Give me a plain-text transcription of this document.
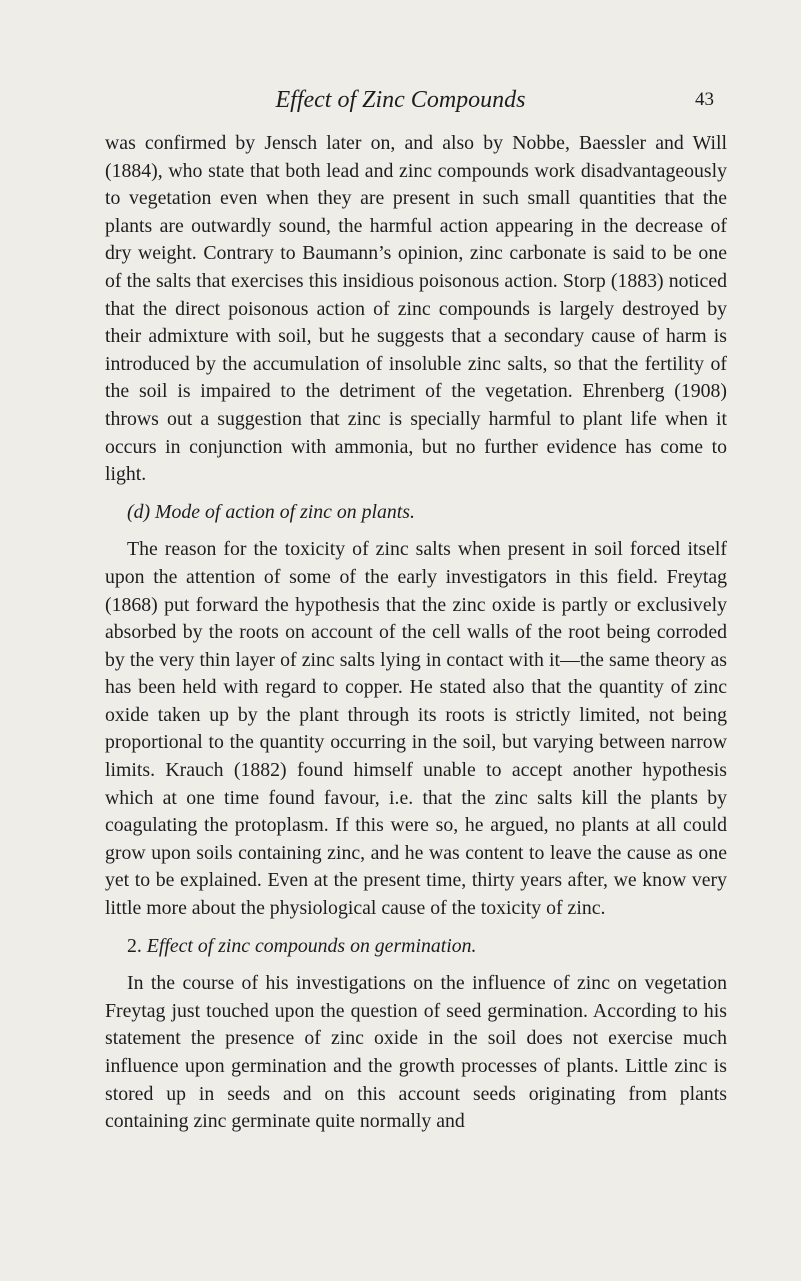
Effect of Zinc Compounds	43

was confirmed by Jensch later on, and also by Nobbe, Baessler and Will (1884), who state that both lead and zinc compounds work disadvantageously to vegetation even when they are present in such small quantities that the plants are outwardly sound, the harmful action appearing in the decrease of dry weight. Contrary to Baumann’s opinion, zinc carbonate is said to be one of the salts that exercises this insidious poisonous action. Storp (1883) noticed that the direct poisonous action of zinc compounds is largely destroyed by their admixture with soil, but he suggests that a secondary cause of harm is introduced by the accumulation of insoluble zinc salts, so that the fertility of the soil is impaired to the detriment of the vegetation. Ehrenberg (1908) throws out a suggestion that zinc is specially harmful to plant life when it occurs in conjunction with ammonia, but no further evidence has come to light.

(d) Mode of action of zinc on plants.

The reason for the toxicity of zinc salts when present in soil forced itself upon the attention of some of the early investigators in this field. Freytag (1868) put forward the hypothesis that the zinc oxide is partly or exclusively absorbed by the roots on account of the cell walls of the root being corroded by the very thin layer of zinc salts lying in contact with it—the same theory as has been held with regard to copper. He stated also that the quantity of zinc oxide taken up by the plant through its roots is strictly limited, not being proportional to the quantity occurring in the soil, but varying between narrow limits. Krauch (1882) found himself unable to accept another hypothesis which at one time found favour, i.e. that the zinc salts kill the plants by coagulating the protoplasm. If this were so, he argued, no plants at all could grow upon soils containing zinc, and he was content to leave the cause as one yet to be explained. Even at the present time, thirty years after, we know very little more about the physiological cause of the toxicity of zinc.

2. Effect of zinc compounds on germination.

In the course of his investigations on the influence of zinc on vegetation Freytag just touched upon the question of seed germination. According to his statement the presence of zinc oxide in the soil does not exercise much influence upon germination and the growth processes of plants. Little zinc is stored up in seeds and on this account seeds originating from plants containing zinc germinate quite normally and
